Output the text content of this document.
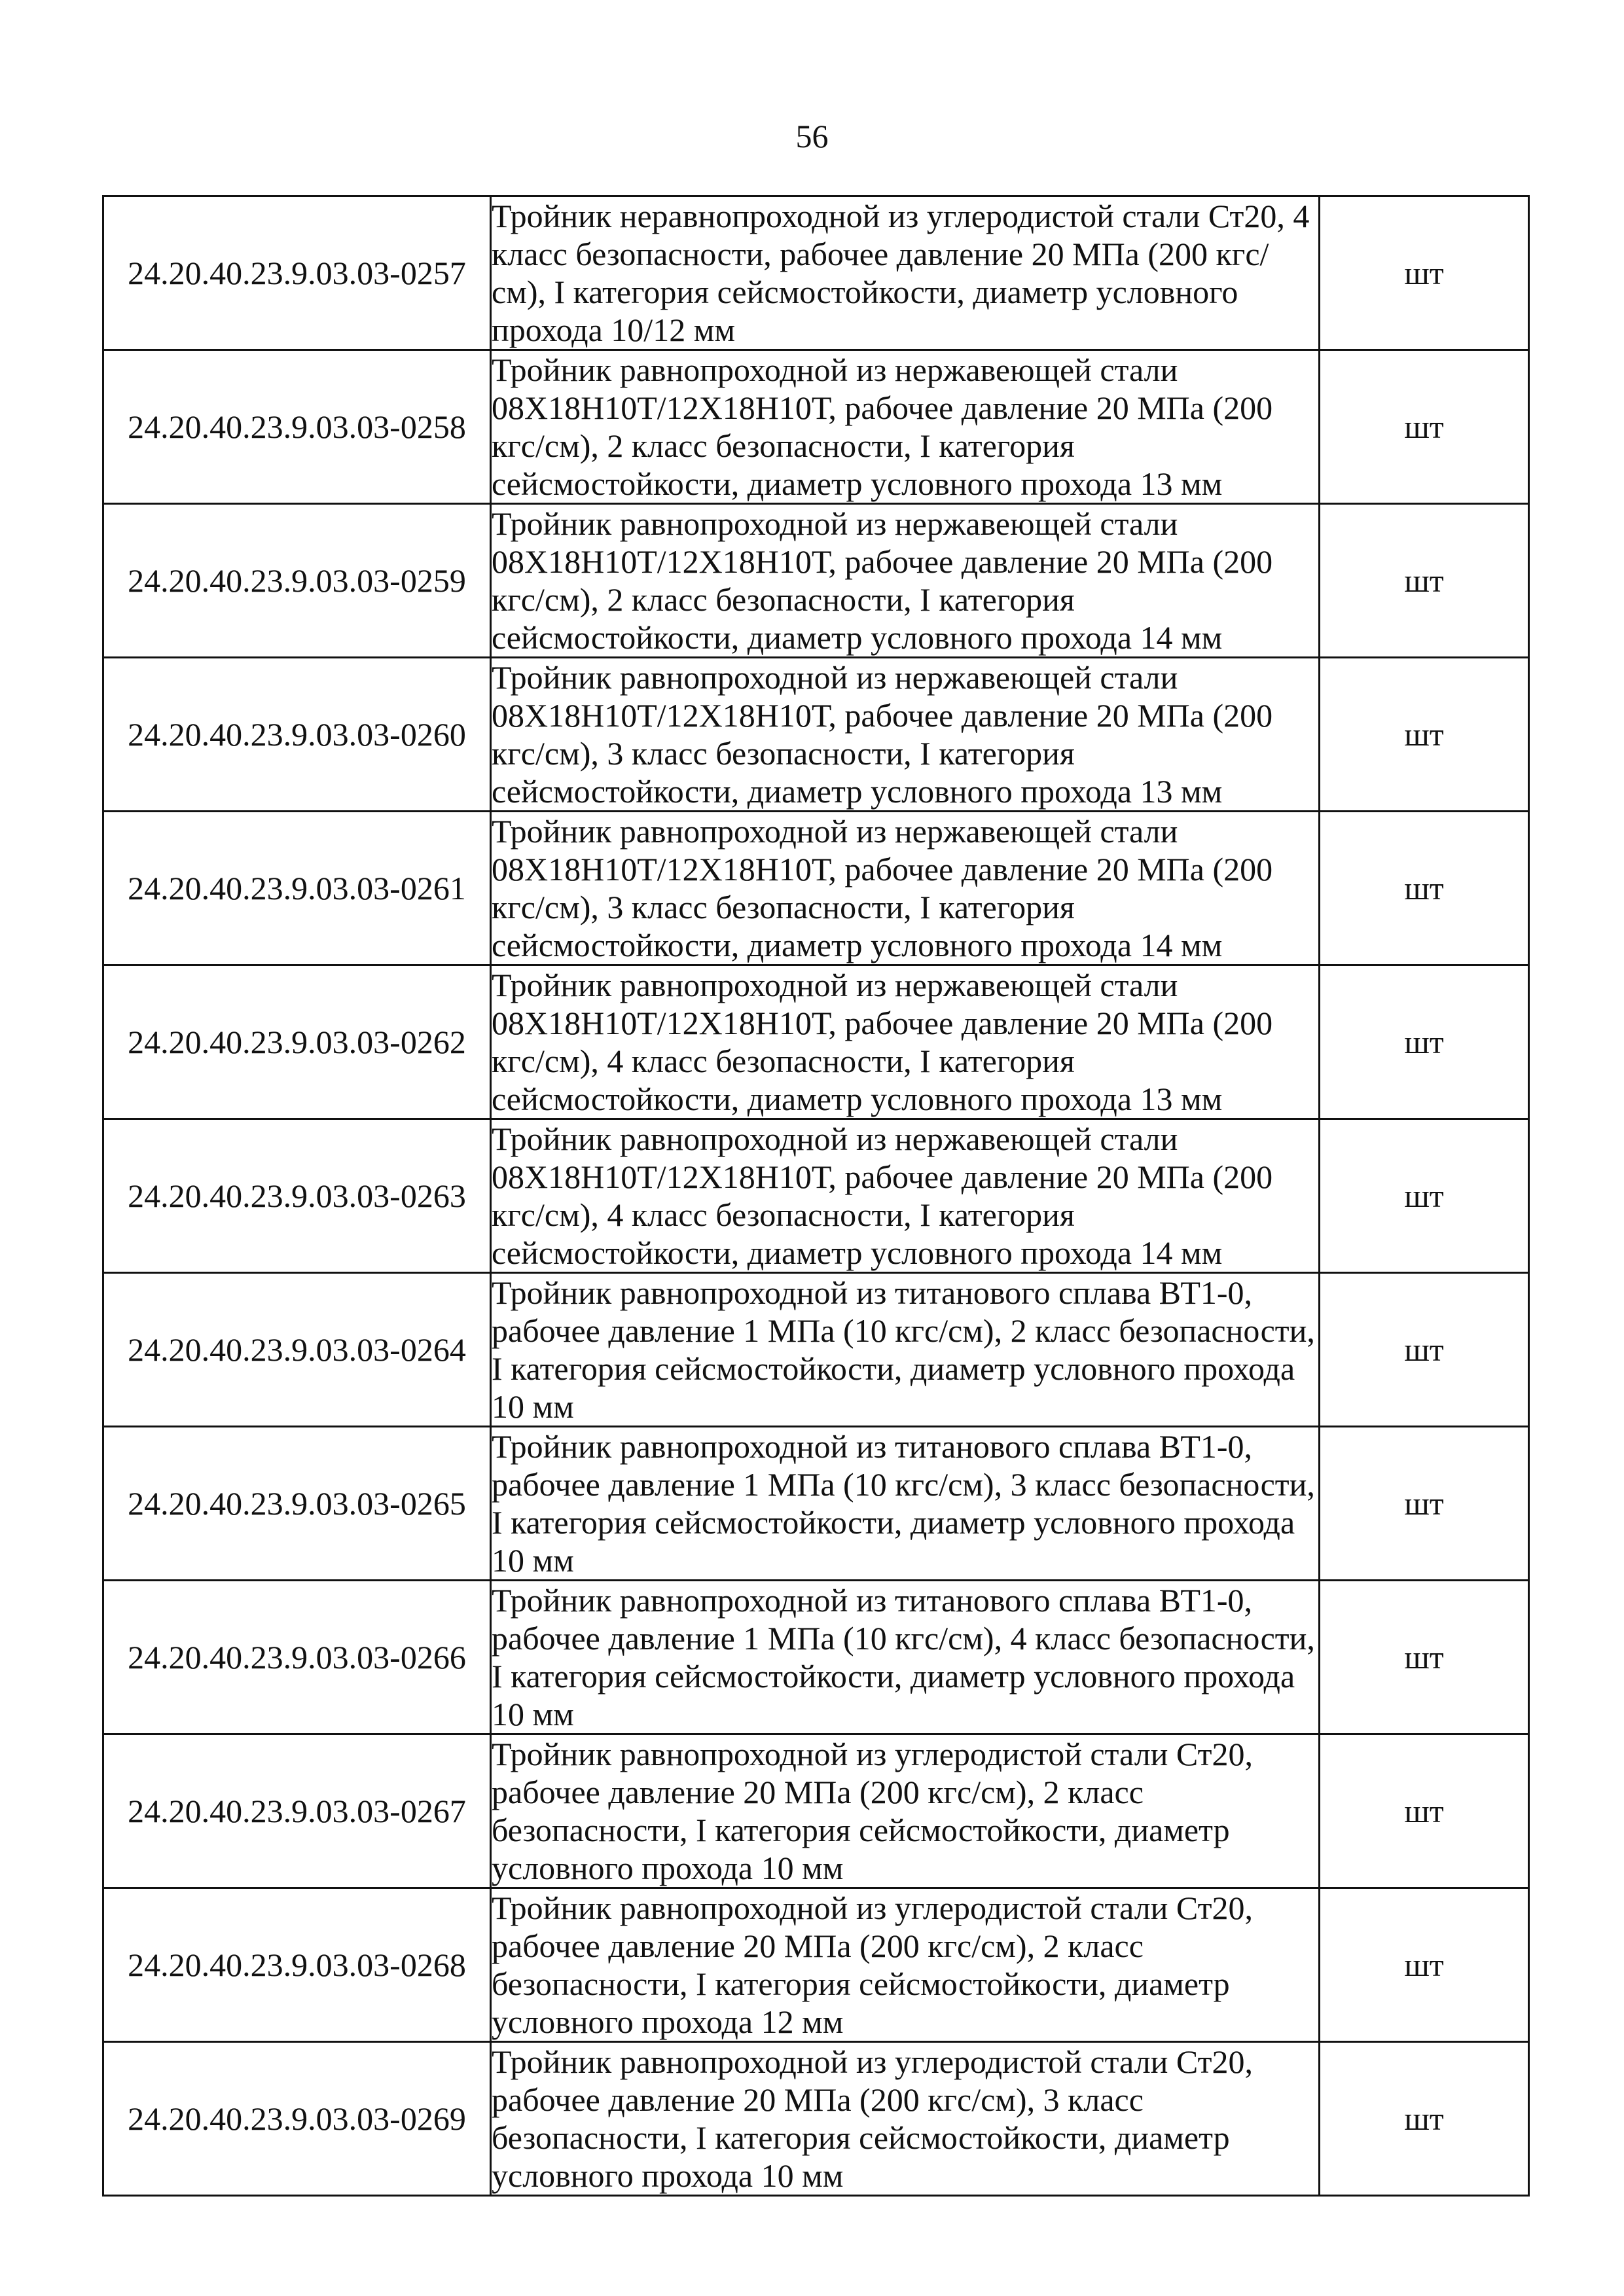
56
24.20.40.23.9.03.03-0257	Тройник неравнопроходной из углеродистой стали Ст20, 4 класс безопасности, рабочее давление 20 МПа (200 кгс/см), I категория сейсмостойкости, диаметр условного прохода 10/12 мм	шт
24.20.40.23.9.03.03-0258	Тройник равнопроходной из нержавеющей стали 08Х18Н10Т/12Х18Н10Т, рабочее давление 20 МПа (200 кгс/см), 2 класс безопасности, I категория сейсмостойкости, диаметр условного прохода 13 мм	шт
24.20.40.23.9.03.03-0259	Тройник равнопроходной из нержавеющей стали 08Х18Н10Т/12Х18Н10Т, рабочее давление 20 МПа (200 кгс/см), 2 класс безопасности, I категория сейсмостойкости, диаметр условного прохода 14 мм	шт
24.20.40.23.9.03.03-0260	Тройник равнопроходной из нержавеющей стали 08Х18Н10Т/12Х18Н10Т, рабочее давление 20 МПа (200 кгс/см), 3 класс безопасности, I категория сейсмостойкости, диаметр условного прохода 13 мм	шт
24.20.40.23.9.03.03-0261	Тройник равнопроходной из нержавеющей стали 08Х18Н10Т/12Х18Н10Т, рабочее давление 20 МПа (200 кгс/см), 3 класс безопасности, I категория сейсмостойкости, диаметр условного прохода 14 мм	шт
24.20.40.23.9.03.03-0262	Тройник равнопроходной из нержавеющей стали 08Х18Н10Т/12Х18Н10Т, рабочее давление 20 МПа (200 кгс/см), 4 класс безопасности, I категория сейсмостойкости, диаметр условного прохода 13 мм	шт
24.20.40.23.9.03.03-0263	Тройник равнопроходной из нержавеющей стали 08Х18Н10Т/12Х18Н10Т, рабочее давление 20 МПа (200 кгс/см), 4 класс безопасности, I категория сейсмостойкости, диаметр условного прохода 14 мм	шт
24.20.40.23.9.03.03-0264	Тройник равнопроходной из титанового сплава ВТ1-0, рабочее давление 1 МПа (10 кгс/см), 2 класс безопасности, I категория сейсмостойкости, диаметр условного прохода 10 мм	шт
24.20.40.23.9.03.03-0265	Тройник равнопроходной из титанового сплава ВТ1-0, рабочее давление 1 МПа (10 кгс/см), 3 класс безопасности, I категория сейсмостойкости, диаметр условного прохода 10 мм	шт
24.20.40.23.9.03.03-0266	Тройник равнопроходной из титанового сплава ВТ1-0, рабочее давление 1 МПа (10 кгс/см), 4 класс безопасности, I категория сейсмостойкости, диаметр условного прохода 10 мм	шт
24.20.40.23.9.03.03-0267	Тройник равнопроходной из углеродистой стали Ст20, рабочее давление 20 МПа (200 кгс/см), 2 класс безопасности, I категория сейсмостойкости, диаметр условного прохода 10 мм	шт
24.20.40.23.9.03.03-0268	Тройник равнопроходной из углеродистой стали Ст20, рабочее давление 20 МПа (200 кгс/см), 2 класс безопасности, I категория сейсмостойкости, диаметр условного прохода 12 мм	шт
24.20.40.23.9.03.03-0269	Тройник равнопроходной из углеродистой стали Ст20, рабочее давление 20 МПа (200 кгс/см), 3 класс безопасности, I категория сейсмостойкости, диаметр условного прохода 10 мм	шт
